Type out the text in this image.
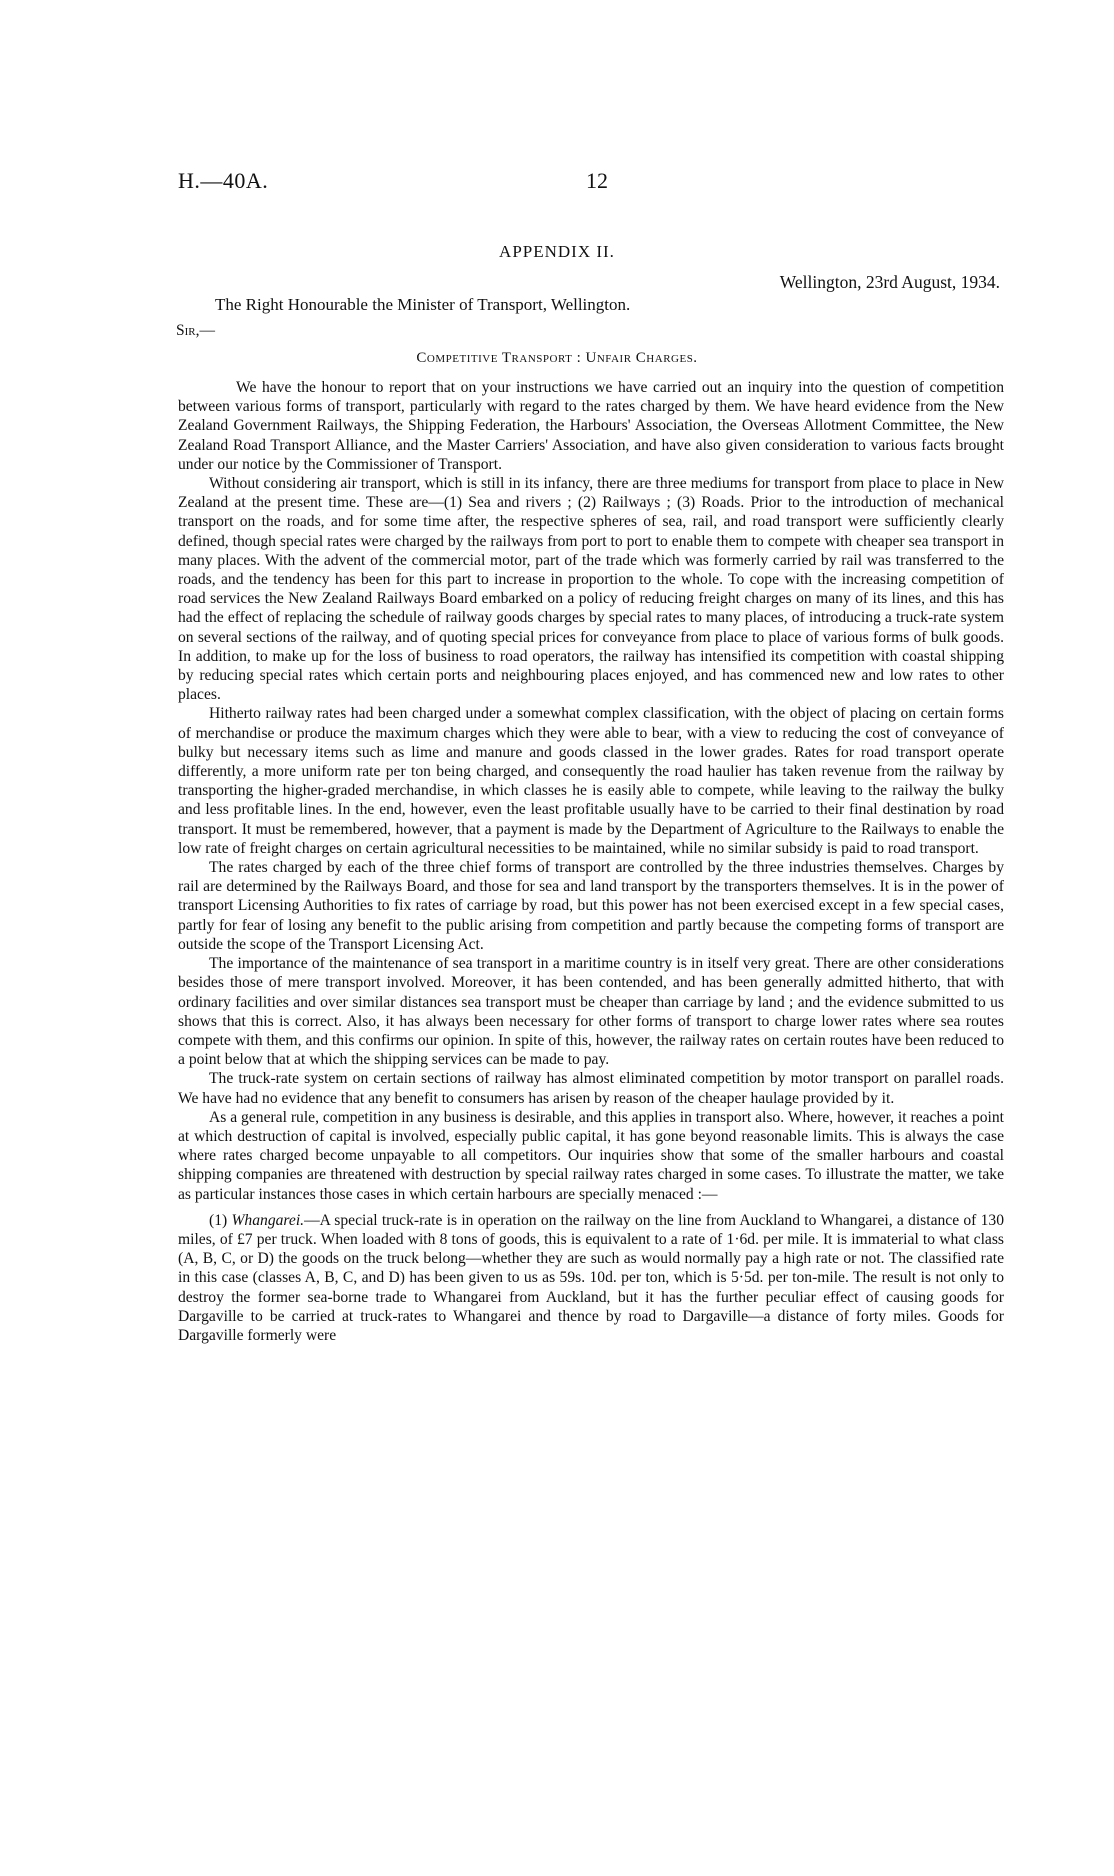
H.—40A.	12
APPENDIX II.
Wellington, 23rd August, 1934.
The Right Honourable the Minister of Transport, Wellington.
Sir,—
Competitive Transport : Unfair Charges.

We have the honour to report that on your instructions we have carried out an inquiry into the question of competition between various forms of transport, particularly with regard to the rates charged by them. We have heard evidence from the New Zealand Government Railways, the Shipping Federation, the Harbours' Association, the Overseas Allotment Committee, the New Zealand Road Transport Alliance, and the Master Carriers' Association, and have also given consideration to various facts brought under our notice by the Commissioner of Transport.

Without considering air transport, which is still in its infancy, there are three mediums for transport from place to place in New Zealand at the present time. These are—(1) Sea and rivers ; (2) Railways ; (3) Roads. Prior to the introduction of mechanical transport on the roads, and for some time after, the respective spheres of sea, rail, and road transport were sufficiently clearly defined, though special rates were charged by the railways from port to port to enable them to compete with cheaper sea transport in many places. With the advent of the commercial motor, part of the trade which was formerly carried by rail was transferred to the roads, and the tendency has been for this part to increase in proportion to the whole. To cope with the increasing competition of road services the New Zealand Railways Board embarked on a policy of reducing freight charges on many of its lines, and this has had the effect of replacing the schedule of railway goods charges by special rates to many places, of introducing a truck-rate system on several sections of the railway, and of quoting special prices for conveyance from place to place of various forms of bulk goods. In addition, to make up for the loss of business to road operators, the railway has intensified its competition with coastal shipping by reducing special rates which certain ports and neighbouring places enjoyed, and has commenced new and low rates to other places.

Hitherto railway rates had been charged under a somewhat complex classification, with the object of placing on certain forms of merchandise or produce the maximum charges which they were able to bear, with a view to reducing the cost of conveyance of bulky but necessary items such as lime and manure and goods classed in the lower grades. Rates for road transport operate differently, a more uniform rate per ton being charged, and consequently the road haulier has taken revenue from the railway by transporting the higher-graded merchandise, in which classes he is easily able to compete, while leaving to the railway the bulky and less profitable lines. In the end, however, even the least profitable usually have to be carried to their final destination by road transport. It must be remembered, however, that a payment is made by the Department of Agriculture to the Railways to enable the low rate of freight charges on certain agricultural necessities to be maintained, while no similar subsidy is paid to road transport.

The rates charged by each of the three chief forms of transport are controlled by the three industries themselves. Charges by rail are determined by the Railways Board, and those for sea and land transport by the transporters themselves. It is in the power of transport Licensing Authorities to fix rates of carriage by road, but this power has not been exercised except in a few special cases, partly for fear of losing any benefit to the public arising from competition and partly because the competing forms of transport are outside the scope of the Transport Licensing Act.

The importance of the maintenance of sea transport in a maritime country is in itself very great. There are other considerations besides those of mere transport involved. Moreover, it has been contended, and has been generally admitted hitherto, that with ordinary facilities and over similar distances sea transport must be cheaper than carriage by land ; and the evidence submitted to us shows that this is correct. Also, it has always been necessary for other forms of transport to charge lower rates where sea routes compete with them, and this confirms our opinion. In spite of this, however, the railway rates on certain routes have been reduced to a point below that at which the shipping services can be made to pay.

The truck-rate system on certain sections of railway has almost eliminated competition by motor transport on parallel roads. We have had no evidence that any benefit to consumers has arisen by reason of the cheaper haulage provided by it.

As a general rule, competition in any business is desirable, and this applies in transport also. Where, however, it reaches a point at which destruction of capital is involved, especially public capital, it has gone beyond reasonable limits. This is always the case where rates charged become unpayable to all competitors. Our inquiries show that some of the smaller harbours and coastal shipping companies are threatened with destruction by special railway rates charged in some cases. To illustrate the matter, we take as particular instances those cases in which certain harbours are specially menaced :—

(1) Whangarei.—A special truck-rate is in operation on the railway on the line from Auckland to Whangarei, a distance of 130 miles, of £7 per truck. When loaded with 8 tons of goods, this is equivalent to a rate of 1·6d. per mile. It is immaterial to what class (A, B, C, or D) the goods on the truck belong—whether they are such as would normally pay a high rate or not. The classified rate in this case (classes A, B, C, and D) has been given to us as 59s. 10d. per ton, which is 5·5d. per ton-mile. The result is not only to destroy the former sea-borne trade to Whangarei from Auckland, but it has the further peculiar effect of causing goods for Dargaville to be carried at truck-rates to Whangarei and thence by road to Dargaville—a distance of forty miles. Goods for Dargaville formerly were
